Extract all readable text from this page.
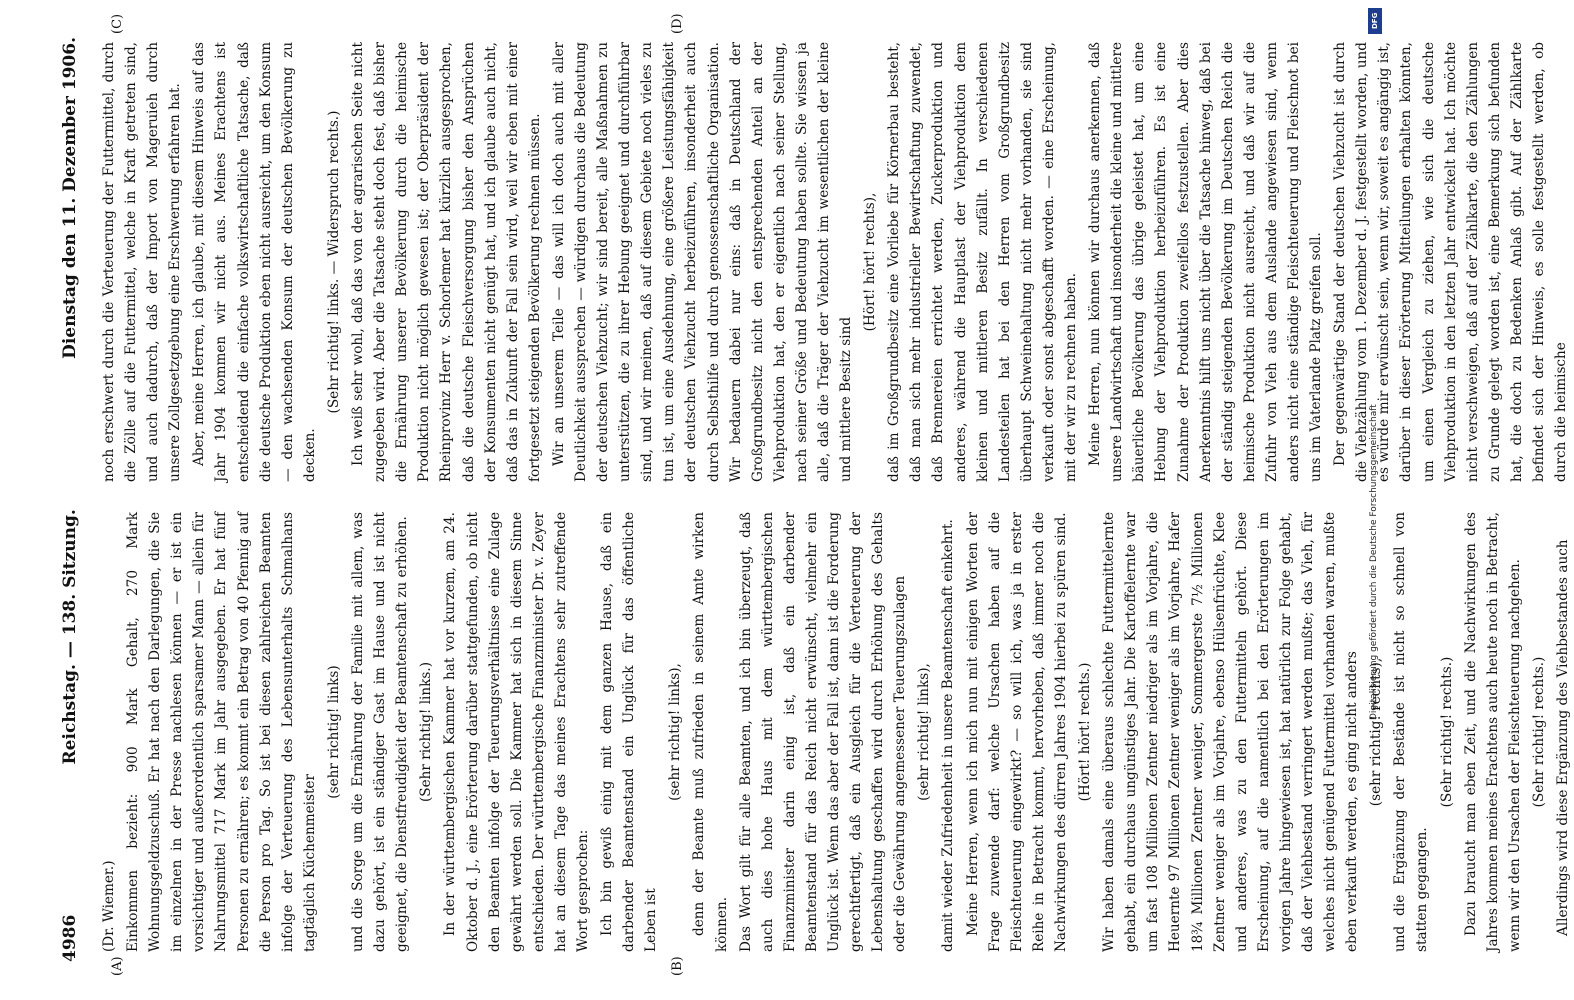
4986
Reichstag. — 138. Sitzung.
Dienstag den 11. Dezember 1906.
(A)	(B)
(C)	(D)

(Dr. Wiemer.) Einkommen bezieht: 900 Mark Gehalt, 270 Mark Wohnungsgeldzuschuß. Er hat nach den Darlegungen, die Sie im einzelnen in der Presse nachlesen können — er ist ein vorsichtiger und außerordentlich sparsamer Mann — allein für Nahrungsmittel 717 Mark im Jahr ausgegeben. Er hat fünf Personen zu ernähren; es kommt ein Betrag von 40 Pfennig auf die Person pro Tag. So ist bei diesen zahlreichen Beamten infolge der Verteuerung des Lebensunterhalts Schmalhans tagtäglich Küchenmeister

(sehr richtig! links) und die Sorge um die Ernährung der Familie mit allem, was dazu gehört, ist ein ständiger Gast im Hause und ist nicht geeignet, die Dienstfreudigkeit der Beamtenschaft zu erhöhen. (Sehr richtig! links.) In der württembergischen Kammer hat vor kurzem, am 24. Oktober d. J., eine Erörterung darüber stattgefunden, ob nicht den Beamten infolge der Teuerungsverhältnisse eine Zulage gewährt werden soll. Die Kammer hat sich in diesem Sinne entschieden. Der württembergische Finanzminister Dr. v. Zeyer hat an diesem Tage das meines Erachtens sehr zutreffende Wort gesprochen: Ich bin gewiß einig mit dem ganzen Hause, daß ein darbender Beamtenstand ein Unglück für das öffentliche Leben ist

(sehr richtig! links), denn der Beamte muß zufrieden in seinem Amte wirken können. Das Wort gilt für alle Beamten, und ich bin überzeugt, daß auch dies hohe Haus mit dem württembergischen Finanzminister darin einig ist, daß ein darbender Beamtenstand für das Reich nicht erwünscht, vielmehr ein Unglück ist. Wenn das aber der Fall ist, dann ist die Forderung gerechtfertigt, daß ein Ausgleich für die Verteuerung der Lebenshaltung geschaffen wird durch Erhöhung des Gehalts oder die Gewährung angemessener Teuerungszulagen (sehr richtig! links), damit wieder Zufriedenheit in unsere Beamtenschaft einkehrt. Meine Herren, wenn ich mich nun mit einigen Worten der Frage zuwende darf: welche Ursachen haben auf die Fleischteuerung eingewirkt? — so will ich, was ja in erster Reihe in Betracht kommt, hervorheben, daß immer noch die Nachwirkungen des dürren Jahres 1904 hierbei zu spüren sind. (Hört! hört! rechts.) Wir haben damals eine überaus schlechte Futtermittelernte gehabt, ein durchaus ungünstiges Jahr. Die Kartoffelernte war um fast 108 Millionen Zentner niedriger als im Vorjahre, die Heuernte 97 Millionen Zentner weniger als im Vorjahre, Hafer 18¾ Millionen Zentner weniger, Sommergerste 7½ Millionen Zentner weniger als im Vorjahre, ebenso Hülsenfrüchte, Klee und anderes, was zu den Futtermitteln gehört. Diese Erscheinung, auf die namentlich bei den Erörterungen im vorigen Jahre hingewiesen ist, hat natürlich zur Folge gehabt, daß der Viehbestand verringert werden mußte; das Vieh, für welches nicht genügend Futtermittel vorhanden waren, mußte eben verkauft werden, es ging nicht anders (sehr richtig! rechts), und die Ergänzung der Bestände ist nicht so schnell von statten gegangen.

(Sehr richtig! rechts.) Dazu braucht man eben Zeit, und die Nachwirkungen des Jahres kommen meines Erachtens auch heute noch in Betracht, wenn wir den Ursachen der Fleischteuerung nachgehen. (Sehr richtig! rechts.) Allerdings wird diese Ergänzung des Viehbestandes auch

noch erschwert durch die Verteuerung der Futtermittel, durch die Zölle auf die Futtermittel, welche in Kraft getreten sind, und auch dadurch, daß der Import von Mageruieh durch unsere Zollgesetzgebung eine Erschwerung erfahren hat. Aber, meine Herren, ich glaube, mit diesem Hinweis auf das Jahr 1904 kommen wir nicht aus. Meines Erachtens ist entscheidend die einfache volkswirtschaftliche Tatsache, daß die deutsche Produktion eben nicht ausreicht, um den Konsum — den wachsenden Konsum der deutschen Bevölkerung zu decken.

(Sehr richtig! links. — Widerspruch rechts.) Ich weiß sehr wohl, daß das von der agrarischen Seite nicht zugegeben wird. Aber die Tatsache steht doch fest, daß bisher die Ernährung unserer Bevölkerung durch die heimische Produktion nicht möglich gewesen ist; der Oberpräsident der Rheinprovinz Herr v. Schorlemer hat kürzlich ausgesprochen, daß die deutsche Fleischversorgung bisher den Ansprüchen der Konsumenten nicht genügt hat, und ich glaube auch nicht, daß das in Zukunft der Fall sein wird, weil wir eben mit einer fortgesetzt steigenden Bevölkerung rechnen müssen. Wir an unserem Teile — das will ich doch auch mit aller Deutlichkeit aussprechen — würdigen durchaus die Bedeutung der deutschen Viehzucht; wir sind bereit, alle Maßnahmen zu unterstützen, die zu ihrer Hebung geeignet und durchführbar sind, und wir meinen, daß auf diesem Gebiete noch vieles zu tun ist, um eine Ausdehnung, eine größere Leistungsfähigkeit der deutschen Viehzucht herbeizuführen, insonderheit auch durch Selbsthilfe und durch genossenschaftliche Organisation. Wir bedauern dabei nur eins: daß in Deutschland der Großgrundbesitz nicht den entsprechenden Anteil an der Viehproduktion hat, den er eigentlich nach seiner Stellung, nach seiner Größe und Bedeutung haben sollte. Sie wissen ja alle, daß die Träger der Viehzucht im wesentlichen der kleine und mittlere Besitz sind

(Hört! hört! rechts), daß im Großgrundbesitz eine Vorliebe für Körnerbau besteht, daß man sich mehr industrieller Bewirtschaftung zuwendet, daß Brennereien errichtet werden, Zuckerproduktion und anderes, während die Hauptlast der Viehproduktion dem kleinen und mittleren Besitz zufällt. In verschiedenen Landesteilen hat bei den Herren vom Großgrundbesitz überhaupt Schweinehaltung nicht mehr vorhanden, sie sind verkauft oder sonst abgeschafft worden. — eine Erscheinung, mit der wir zu rechnen haben. Meine Herren, nun können wir durchaus anerkennen, daß unsere Landwirtschaft und insonderheit die kleine und mittlere bäuerliche Bevölkerung das übrige geleistet hat, um eine Hebung der Viehproduktion herbeizuführen. Es ist eine Zunahme der Produktion zweifellos festzustellen. Aber dies Anerkenntnis hilft uns nicht über die Tatsache hinweg, daß bei der ständig steigenden Bevölkerung im Deutschen Reich die heimische Produktion nicht ausreicht, und daß wir auf die Zufuhr von Vieh aus dem Auslande angewiesen sind, wenn anders nicht eine ständige Fleischteuerung und Fleischnot bei uns im Vaterlande Platz greifen soll. Der gegenwärtige Stand der deutschen Viehzucht ist durch die Viehzählung vom 1. Dezember d. J. festgestellt worden, und es würde mir erwünscht sein, wenn wir, soweit es angängig ist, darüber in dieser Erörterung Mitteilungen erhalten könnten, um einen Vergleich zu ziehen, wie sich die deutsche Viehproduktion in den letzten Jahr entwickelt hat. Ich möchte nicht verschweigen, daß auf der Zählkarte, die den Zählungen zu Grunde gelegt worden ist, eine Bemerkung sich befunden hat, die doch zu Bedenken Anlaß gibt. Auf der Zählkarte befindet sich der Hinweis, es solle festgestellt werden, ob durch die heimische

DFG
Digitalisierung gefördert durch die Deutsche Forschungsgemeinschaft
